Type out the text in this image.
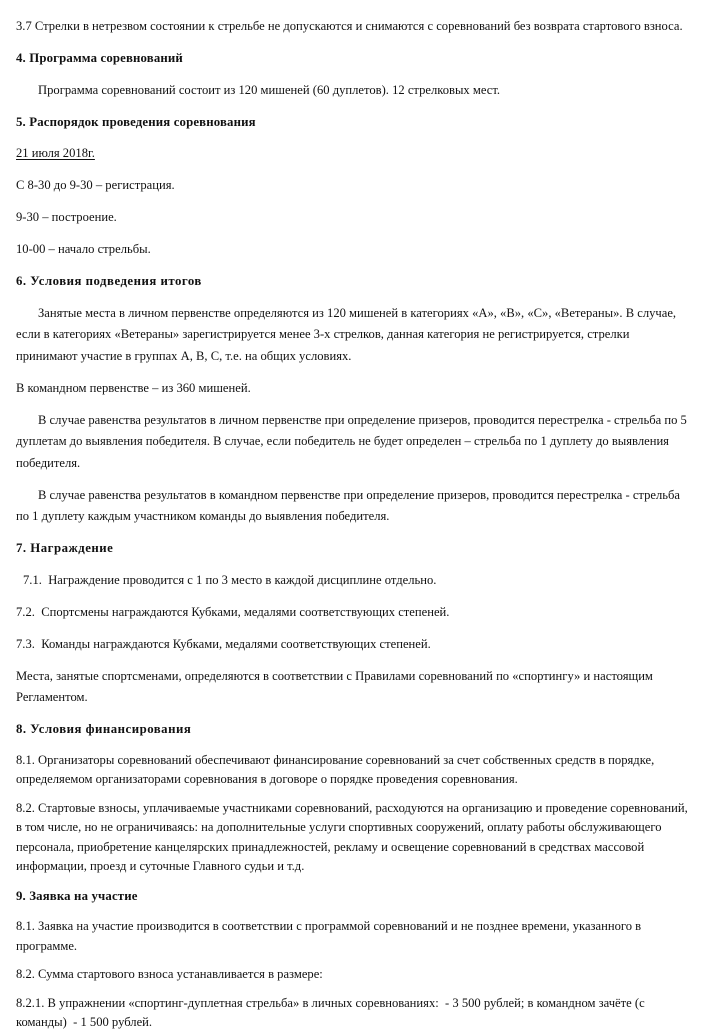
3.7 Стрелки в нетрезвом состоянии к стрельбе не допускаются и снимаются с соревнований без возврата стартового взноса.

4. Программа соревнований

Программа соревнований состоит из 120 мишеней (60 дуплетов). 12 стрелковых мест.

5. Распорядок проведения соревнования

21 июля 2018г.

С 8-30 до 9-30 – регистрация.

9-30 – построение.

10-00 – начало стрельбы.

6. Условия подведения итогов

Занятые места в личном первенстве определяются из 120 мишеней в категориях «А», «В», «С», «Ветераны». В случае, если в категориях «Ветераны» зарегистрируется менее 3-х стрелков, данная категория не регистрируется, стрелки принимают участие в группах А, В, С, т.е. на общих условиях.

В командном первенстве – из 360 мишеней.

В случае равенства результатов в личном первенстве при определение призеров, проводится перестрелка - стрельба по 5 дуплетам до выявления победителя. В случае, если победитель не будет определен – стрельба по 1 дуплету до выявления победителя.

В случае равенства результатов в командном первенстве при определение призеров, проводится перестрелка - стрельба по 1 дуплету каждым участником команды до выявления победителя.

7. Награждение

7.1.  Награждение проводится с 1 по 3 место в каждой дисциплине отдельно.

7.2.  Спортсмены награждаются Кубками, медалями соответствующих степеней.

7.3.  Команды награждаются Кубками, медалями соответствующих степеней.

Места, занятые спортсменами, определяются в соответствии с Правилами соревнований по «спортингу» и настоящим Регламентом.

8. Условия финансирования

8.1. Организаторы соревнований обеспечивают финансирование соревнований за счет собственных средств в порядке, определяемом организаторами соревнования в договоре о порядке проведения соревнования.

8.2. Стартовые взносы, уплачиваемые участниками соревнований, расходуются на организацию и проведение соревнований, в том числе, но не ограничиваясь: на дополнительные услуги спортивных сооружений, оплату работы обслуживающего персонала, приобретение канцелярских принадлежностей, рекламу и освещение соревнований в средствах массовой информации, проезд и суточные Главного судьи и т.д.

9. Заявка на участие

8.1. Заявка на участие производится в соответствии с программой соревнований и не позднее времени, указанного в программе.

8.2. Сумма стартового взноса устанавливается в размере:

8.2.1. В упражнении «спортинг-дуплетная стрельба» в личных соревнованиях:  - 3 500 рублей; в командном зачёте (с команды)  - 1 500 рублей.
